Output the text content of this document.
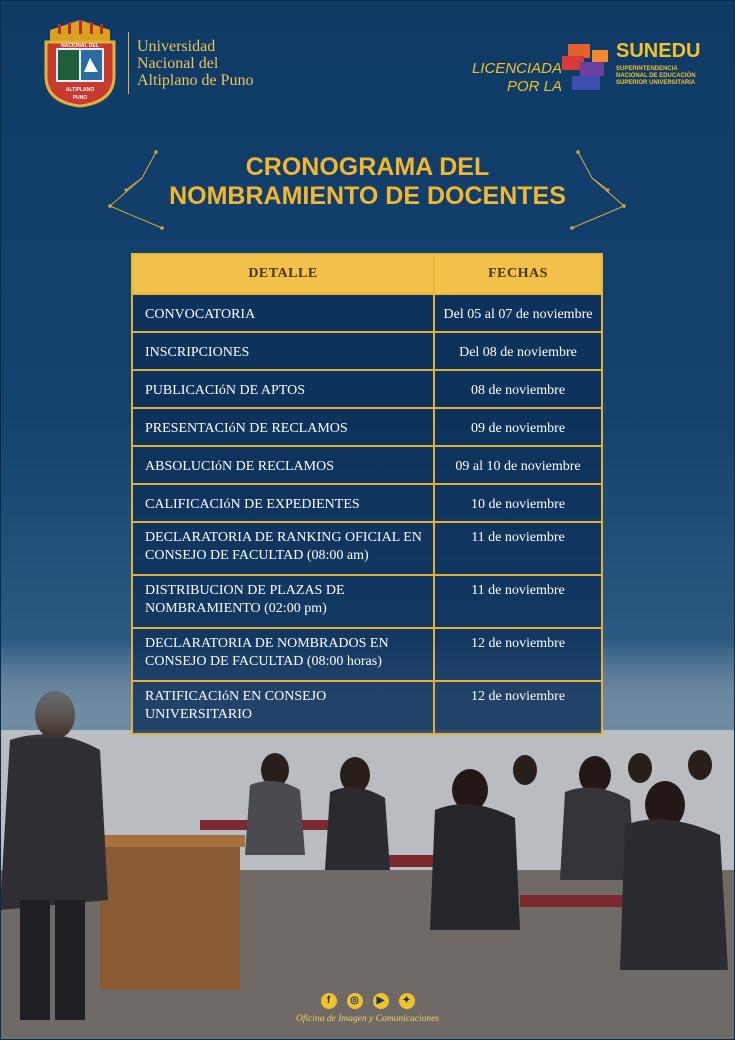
NACIONAL DEL
ALTIPLANO
PUNO
Universidad
Nacional del
Altiplano de Puno
LICENCIADA
POR LA
SUNEDU
SUPERINTENDENCIA
NACIONAL DE EDUCACIÓN
SUPERIOR UNIVERSITARIA
CRONOGRAMA DEL
NOMBRAMIENTO DE DOCENTES
DETALLE	FECHAS
CONVOCATORIA	Del 05 al 07 de noviembre
INSCRIPCIONES	Del 08 de noviembre
PUBLICACIóN DE APTOS	08 de noviembre
PRESENTACIóN DE RECLAMOS	09 de noviembre
ABSOLUCIóN DE RECLAMOS	09 al 10 de noviembre
CALIFICACIóN DE EXPEDIENTES	10 de noviembre
DECLARATORIA DE RANKING OFICIAL EN CONSEJO DE FACULTAD (08:00 am)	11 de noviembre
DISTRIBUCION DE PLAZAS DE NOMBRAMIENTO (02:00 pm)	11 de noviembre
DECLARATORIA DE NOMBRADOS EN CONSEJO DE FACULTAD (08:00 horas)	12 de noviembre
RATIFICACIóN EN CONSEJO UNIVERSITARIO	12 de noviembre
f	◎	▶	✦
Oficina de Imagen y Comunicaciones
